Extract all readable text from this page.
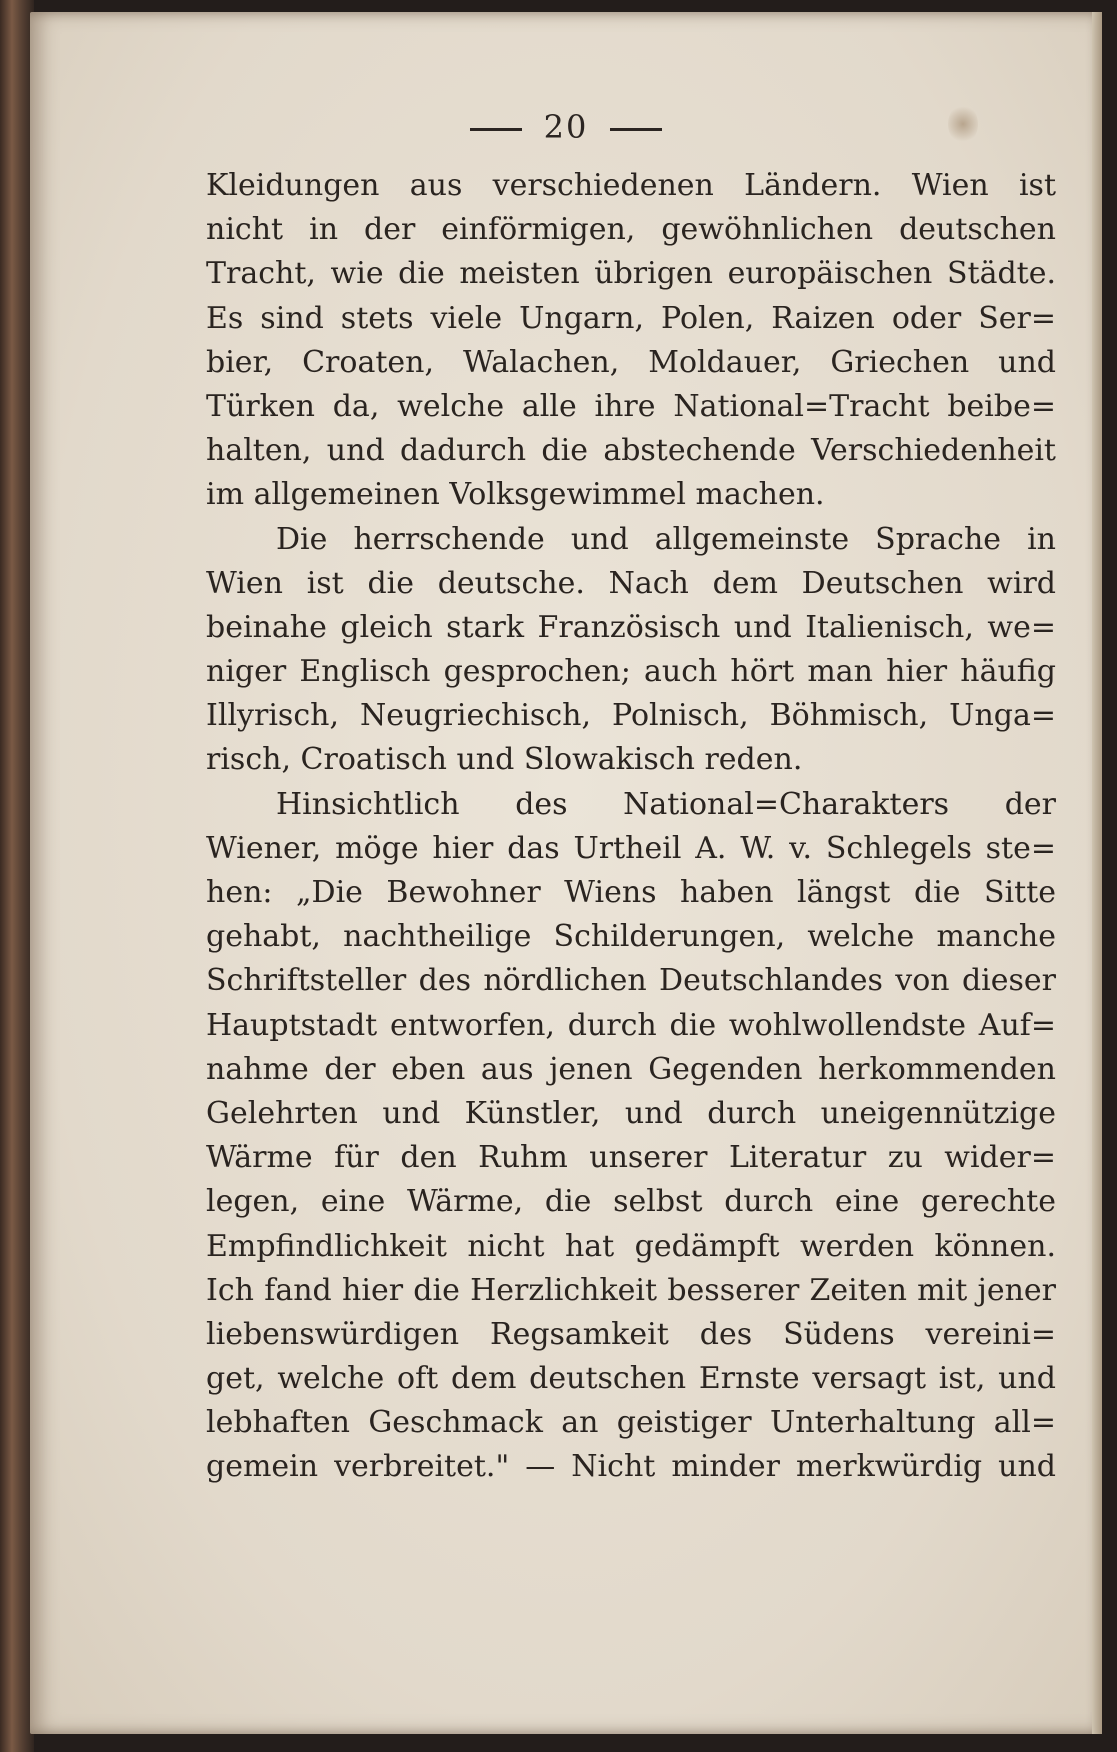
20
Kleidungen aus verschiedenen Ländern. Wien ist
nicht in der einförmigen, gewöhnlichen deutschen
Tracht, wie die meisten übrigen europäischen Städte.
Es sind stets viele Ungarn, Polen, Raizen oder Ser=
bier, Croaten, Walachen, Moldauer, Griechen und
Türken da, welche alle ihre National=Tracht beibe=
halten, und dadurch die abstechende Verschiedenheit
im allgemeinen Volksgewimmel machen.
Die herrschende und allgemeinste Sprache in
Wien ist die deutsche. Nach dem Deutschen wird
beinahe gleich stark Französisch und Italienisch, we=
niger Englisch gesprochen; auch hört man hier häufig
Illyrisch, Neugriechisch, Polnisch, Böhmisch, Unga=
risch, Croatisch und Slowakisch reden.
Hinsichtlich des National=Charakters der
Wiener, möge hier das Urtheil A. W. v. Schlegels ste=
hen: „Die Bewohner Wiens haben längst die Sitte
gehabt, nachtheilige Schilderungen, welche manche
Schriftsteller des nördlichen Deutschlandes von dieser
Hauptstadt entworfen, durch die wohlwollendste Auf=
nahme der eben aus jenen Gegenden herkommenden
Gelehrten und Künstler, und durch uneigennützige
Wärme für den Ruhm unserer Literatur zu wider=
legen, eine Wärme, die selbst durch eine gerechte
Empfindlichkeit nicht hat gedämpft werden können.
Ich fand hier die Herzlichkeit besserer Zeiten mit jener
liebenswürdigen Regsamkeit des Südens vereini=
get, welche oft dem deutschen Ernste versagt ist, und
lebhaften Geschmack an geistiger Unterhaltung all=
gemein verbreitet." — Nicht minder merkwürdig und
